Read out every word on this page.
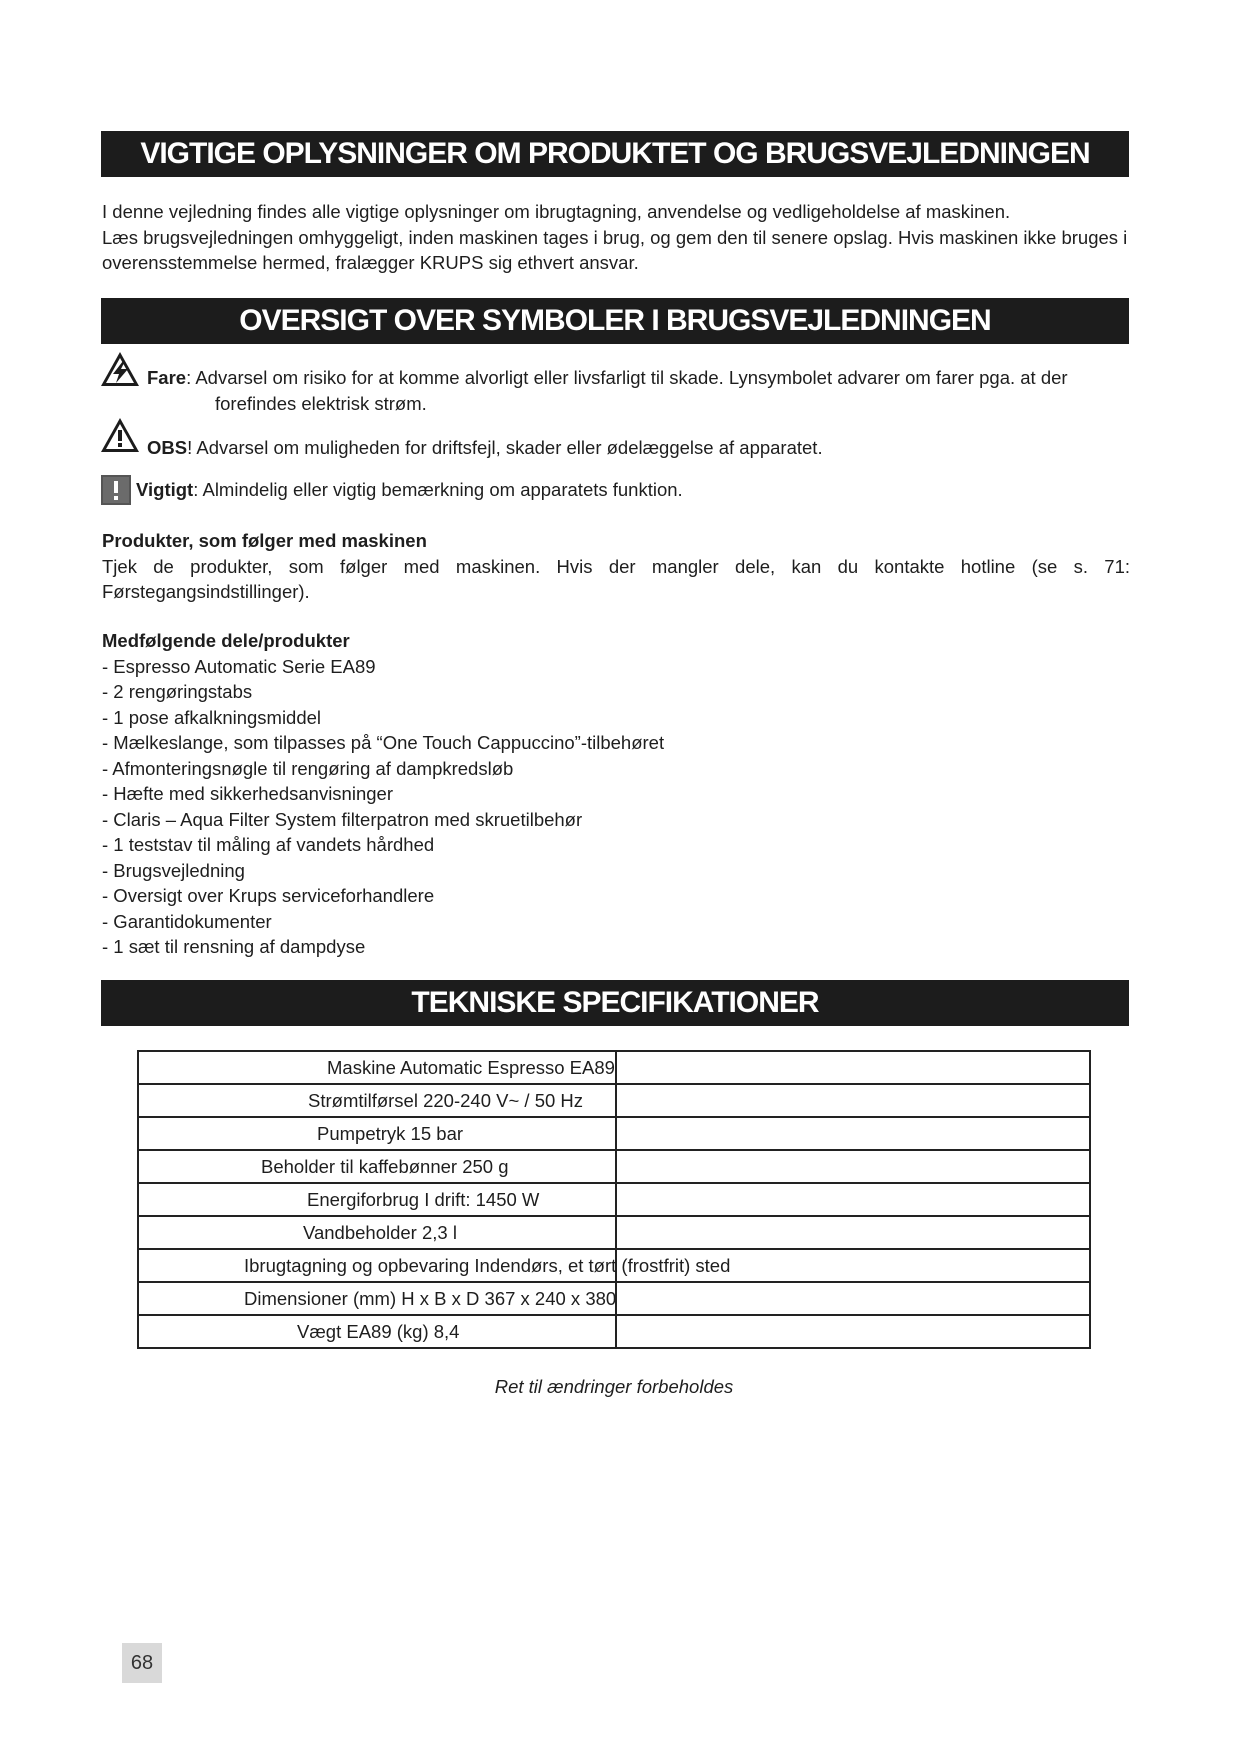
VIGTIGE OPLYSNINGER OM PRODUKTET OG BRUGSVEJLEDNINGEN

I denne vejledning findes alle vigtige oplysninger om ibrugtagning, anvendelse og vedligeholdelse af maskinen.

Læs brugsvejledningen omhyggeligt, inden maskinen tages i brug, og gem den til senere opslag. Hvis maskinen ikke bruges i overensstemmelse hermed, fralægger KRUPS sig ethvert ansvar.

OVERSIGT OVER SYMBOLER I BRUGSVEJLEDNINGEN
Fare: Advarsel om risiko for at komme alvorligt eller livsfarligt til skade. Lynsymbolet advarer om farer pga. at der
forefindes elektrisk strøm.
OBS! Advarsel om muligheden for driftsfejl, skader eller ødelæggelse af apparatet.
Vigtigt: Almindelig eller vigtig bemærkning om apparatets funktion.

Produkter, som følger med maskinen

Tjek de produkter, som følger med maskinen. Hvis der mangler dele, kan du kontakte hotline (se s. 71: Førstegangsindstillinger).

Medfølgende dele/produkter

- Espresso Automatic Serie EA89
- 2 rengøringstabs
- 1 pose afkalkningsmiddel
- Mælkeslange, som tilpasses på “One Touch Cappuccino”-tilbehøret
- Afmonteringsnøgle til rengøring af dampkredsløb
- Hæfte med sikkerhedsanvisninger
- Claris – Aqua Filter System filterpatron med skruetilbehør
- 1 teststav til måling af vandets hårdhed
- Brugsvejledning
- Oversigt over Krups serviceforhandlere
- Garantidokumenter
- 1 sæt til rensning af dampdyse
TEKNISKE SPECIFIKATIONER
Maskine Automatic Espresso EA89	

Strømtilførsel 220-240 V~ / 50 Hz	

Pumpetryk 15 bar	

Beholder til kaffebønner 250 g	

Energiforbrug I drift: 1450 W	

Vandbeholder 2,3 l	

Ibrugtagning og opbevaring Indendørs, et tørt (frostfrit) sted	

Dimensioner (mm) H x B x D 367 x 240 x 380	

Vægt EA89 (kg) 8,4	

Ret til ændringer forbeholdes
68
